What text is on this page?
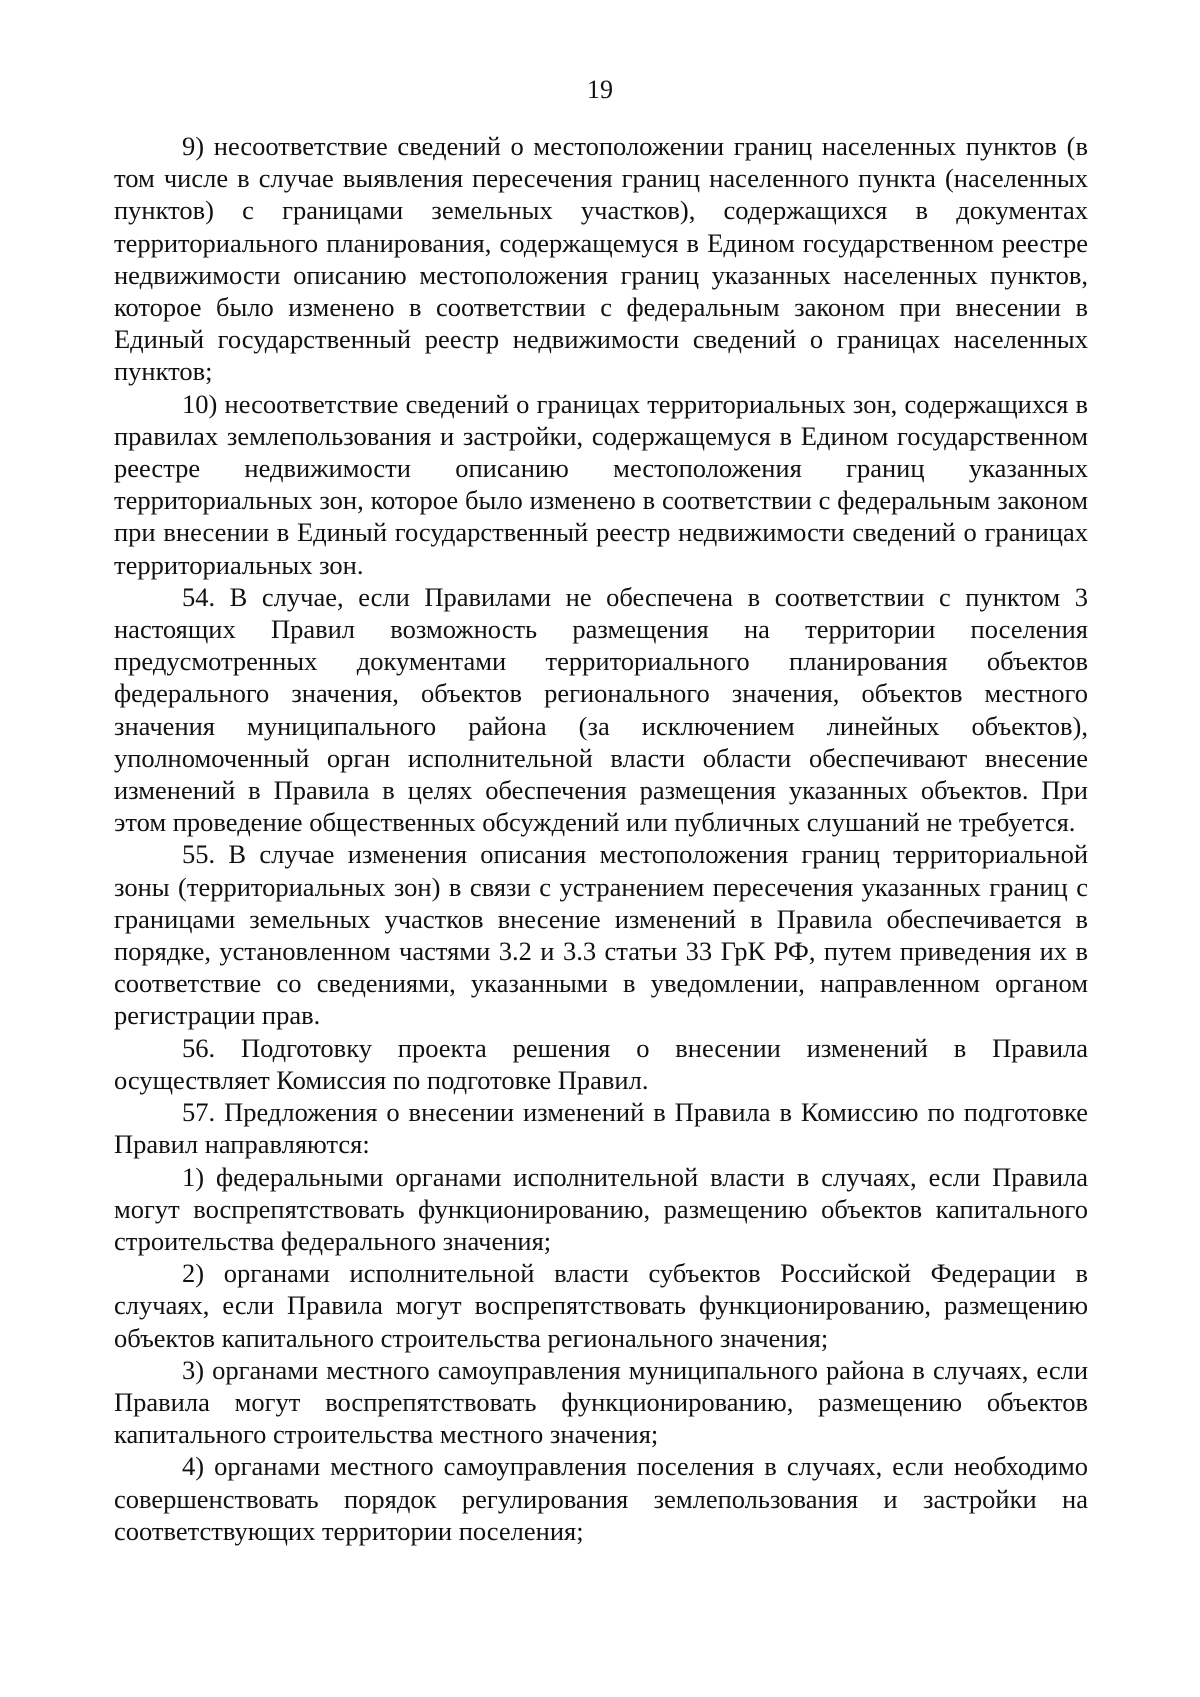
19

9) несоответствие сведений о местоположении границ населенных пунктов (в том числе в случае выявления пересечения границ населенного пункта (населенных пунктов) с границами земельных участков), содержащихся в документах территориального планирования, содержащемуся в Едином государственном реестре недвижимости описанию местоположения границ указанных населенных пунктов, которое было изменено в соответствии с федеральным законом при внесении в Единый государственный реестр недвижимости сведений о границах населенных пунктов;

10) несоответствие сведений о границах территориальных зон, содержащихся в правилах землепользования и застройки, содержащемуся в Едином государственном реестре недвижимости описанию местоположения границ указанных территориальных зон, которое было изменено в соответствии с федеральным законом при внесении в Единый государственный реестр недвижимости сведений о границах территориальных зон.

54. В случае, если Правилами не обеспечена в соответствии с пунктом 3 настоящих Правил возможность размещения на территории поселения предусмотренных документами территориального планирования объектов федерального значения, объектов регионального значения, объектов местного значения муниципального района (за исключением линейных объектов), уполномоченный орган исполнительной власти области обеспечивают внесение изменений в Правила в целях обеспечения размещения указанных объектов. При этом проведение общественных обсуждений или публичных слушаний не требуется.

55. В случае изменения описания местоположения границ территориальной зоны (территориальных зон) в связи с устранением пересечения указанных границ с границами земельных участков внесение изменений в Правила обеспечивается в порядке, установленном частями 3.2 и 3.3 статьи 33 ГрК РФ, путем приведения их в соответствие со сведениями, указанными в уведомлении, направленном органом регистрации прав.

56. Подготовку проекта решения о внесении изменений в Правила осуществляет Комиссия по подготовке Правил.

57. Предложения о внесении изменений в Правила в Комиссию по подготовке Правил направляются:

1) федеральными органами исполнительной власти в случаях, если Правила могут воспрепятствовать функционированию, размещению объектов капитального строительства федерального значения;

2) органами исполнительной власти субъектов Российской Федерации в случаях, если Правила могут воспрепятствовать функционированию, размещению объектов капитального строительства регионального значения;

3) органами местного самоуправления муниципального района в случаях, если Правила могут воспрепятствовать функционированию, размещению объектов капитального строительства местного значения;

4) органами местного самоуправления поселения в случаях, если необходимо совершенствовать порядок регулирования землепользования и застройки на соответствующих территории поселения;
